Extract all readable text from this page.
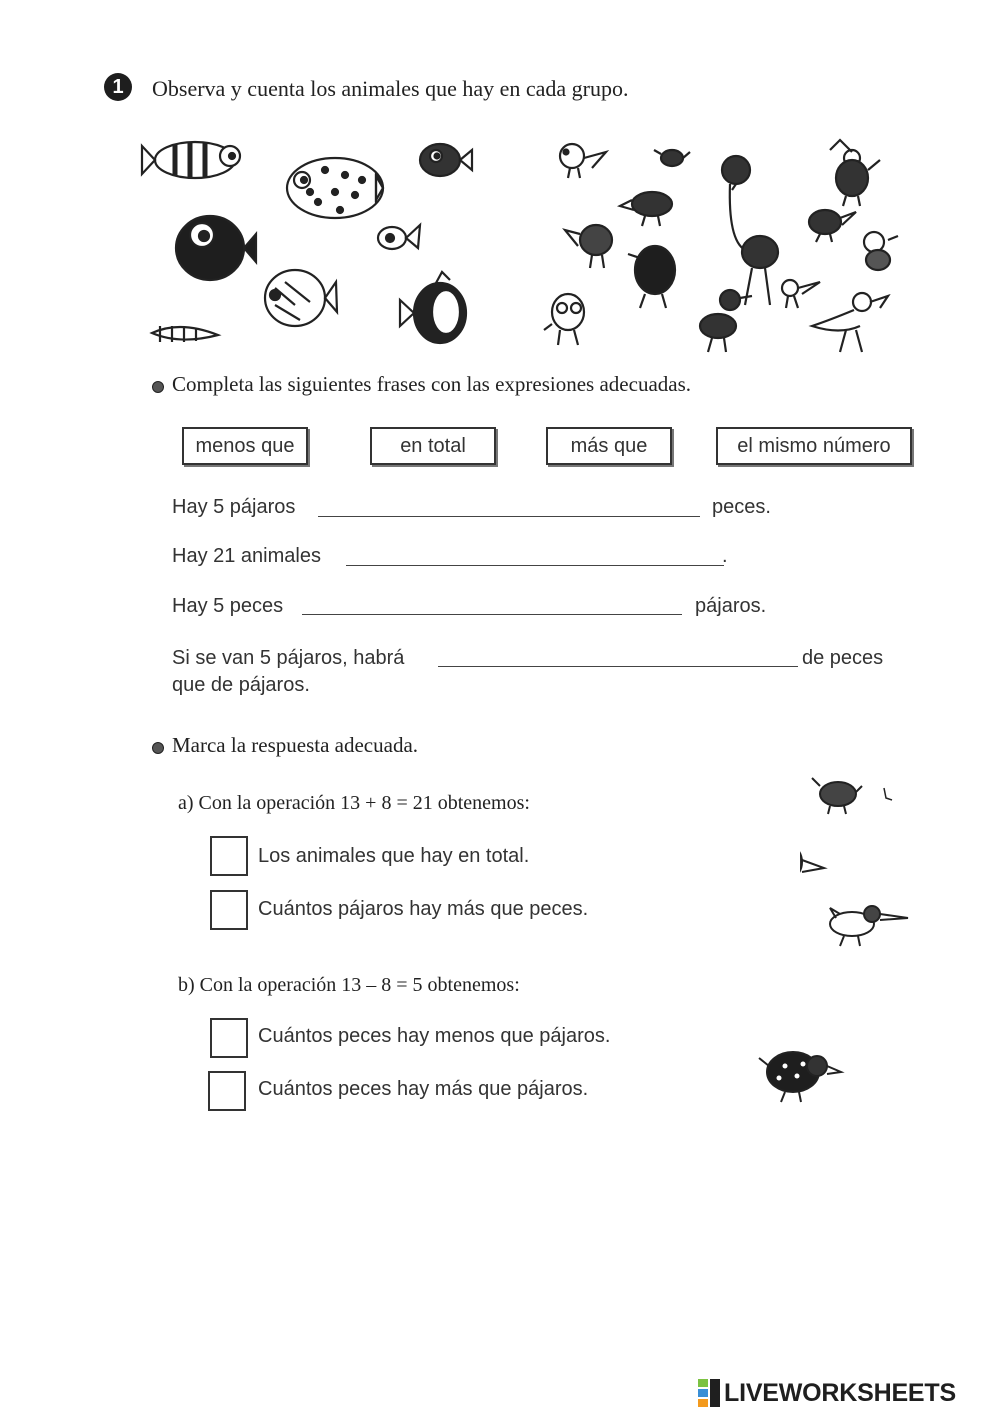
1	Observa y cuenta los animales que hay en cada grupo.
Completa las siguientes frases con las expresiones adecuadas.
menos que	en total	más que	el mismo número
Hay 5 pájaros	peces.
Hay 21 animales	.
Hay 5 peces	pájaros.
Si se van 5 pájaros, habrá	de peces
que de pájaros.
Marca la respuesta adecuada.
a) Con la operación 13 + 8 = 21 obtenemos:
Los animales que hay en total.
Cuántos pájaros hay más que peces.
b) Con la operación 13 – 8 = 5 obtenemos:
Cuántos peces hay menos que pájaros.
Cuántos peces hay más que pájaros.
LIVEWORKSHEETS
